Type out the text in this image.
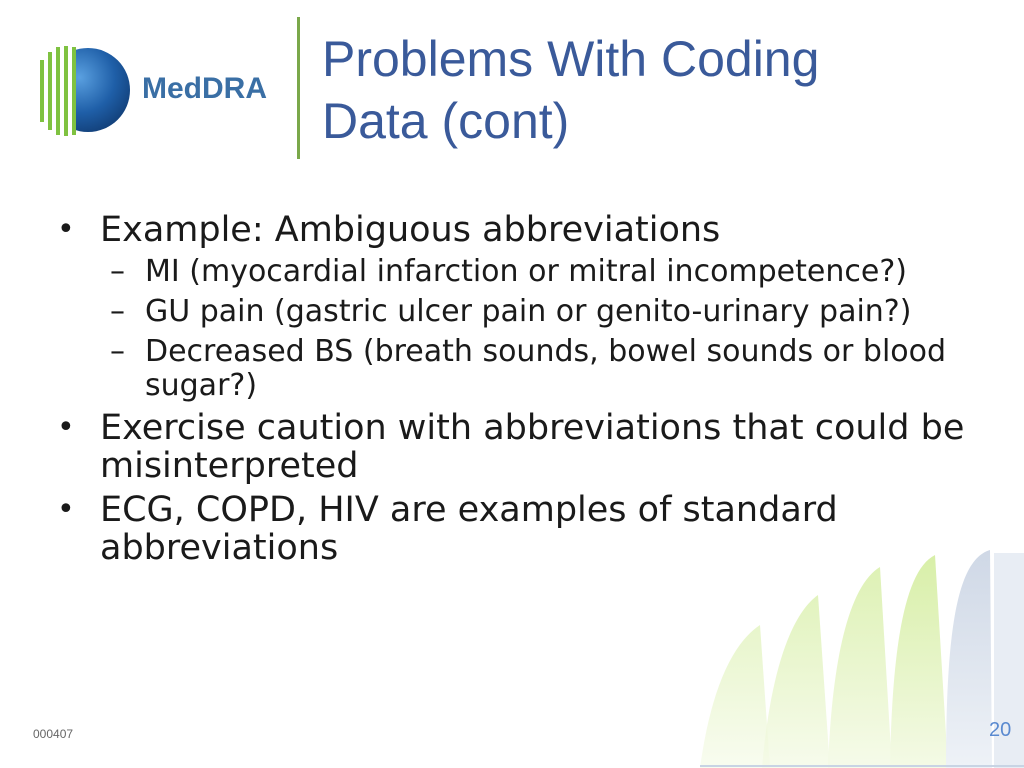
MedDRA
Problems With Coding
Data (cont)
• Example: Ambiguous abbreviations
– MI (myocardial infarction or mitral incompetence?)
– GU pain (gastric ulcer pain or genito-urinary pain?)
– Decreased BS (breath sounds, bowel sounds or blood sugar?)
• Exercise caution with abbreviations that could be misinterpreted
• ECG, COPD, HIV are examples of standard abbreviations
000407	20
